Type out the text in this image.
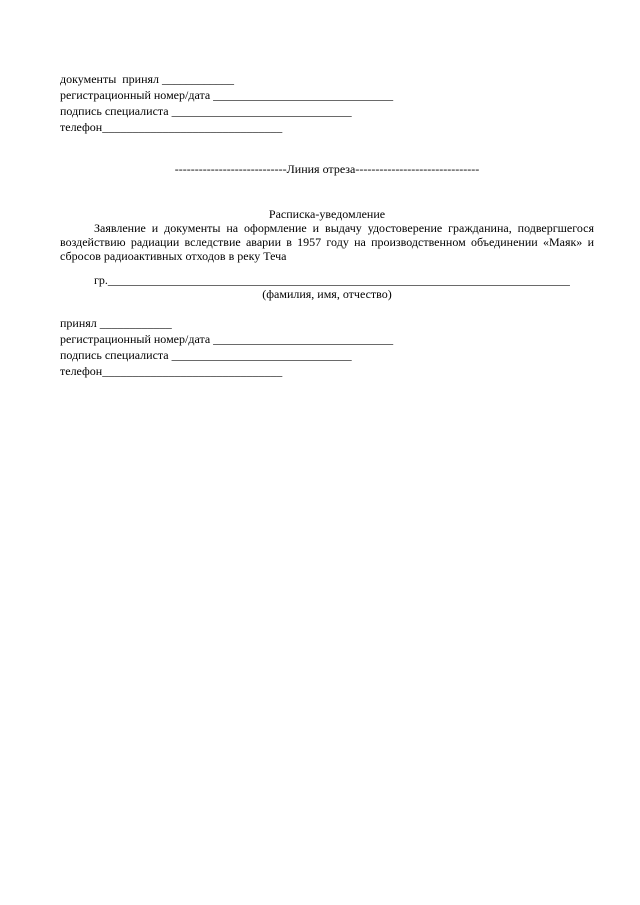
документы  принял ____________
регистрационный номер/дата ______________________________
подпись специалиста ______________________________
телефон______________________________
----------------------------Линия отреза-------------------------------
Расписка-уведомление
Заявление и документы на оформление и выдачу удостоверение гражданина, подвергшегося воздействию радиации вследствие аварии в 1957 году на производственном объединении «Маяк» и сбросов радиоактивных отходов в реку Теча
гр._____________________________________________________________________________
(фамилия, имя, отчество)
принял ____________
регистрационный номер/дата ______________________________
подпись специалиста ______________________________
телефон______________________________
